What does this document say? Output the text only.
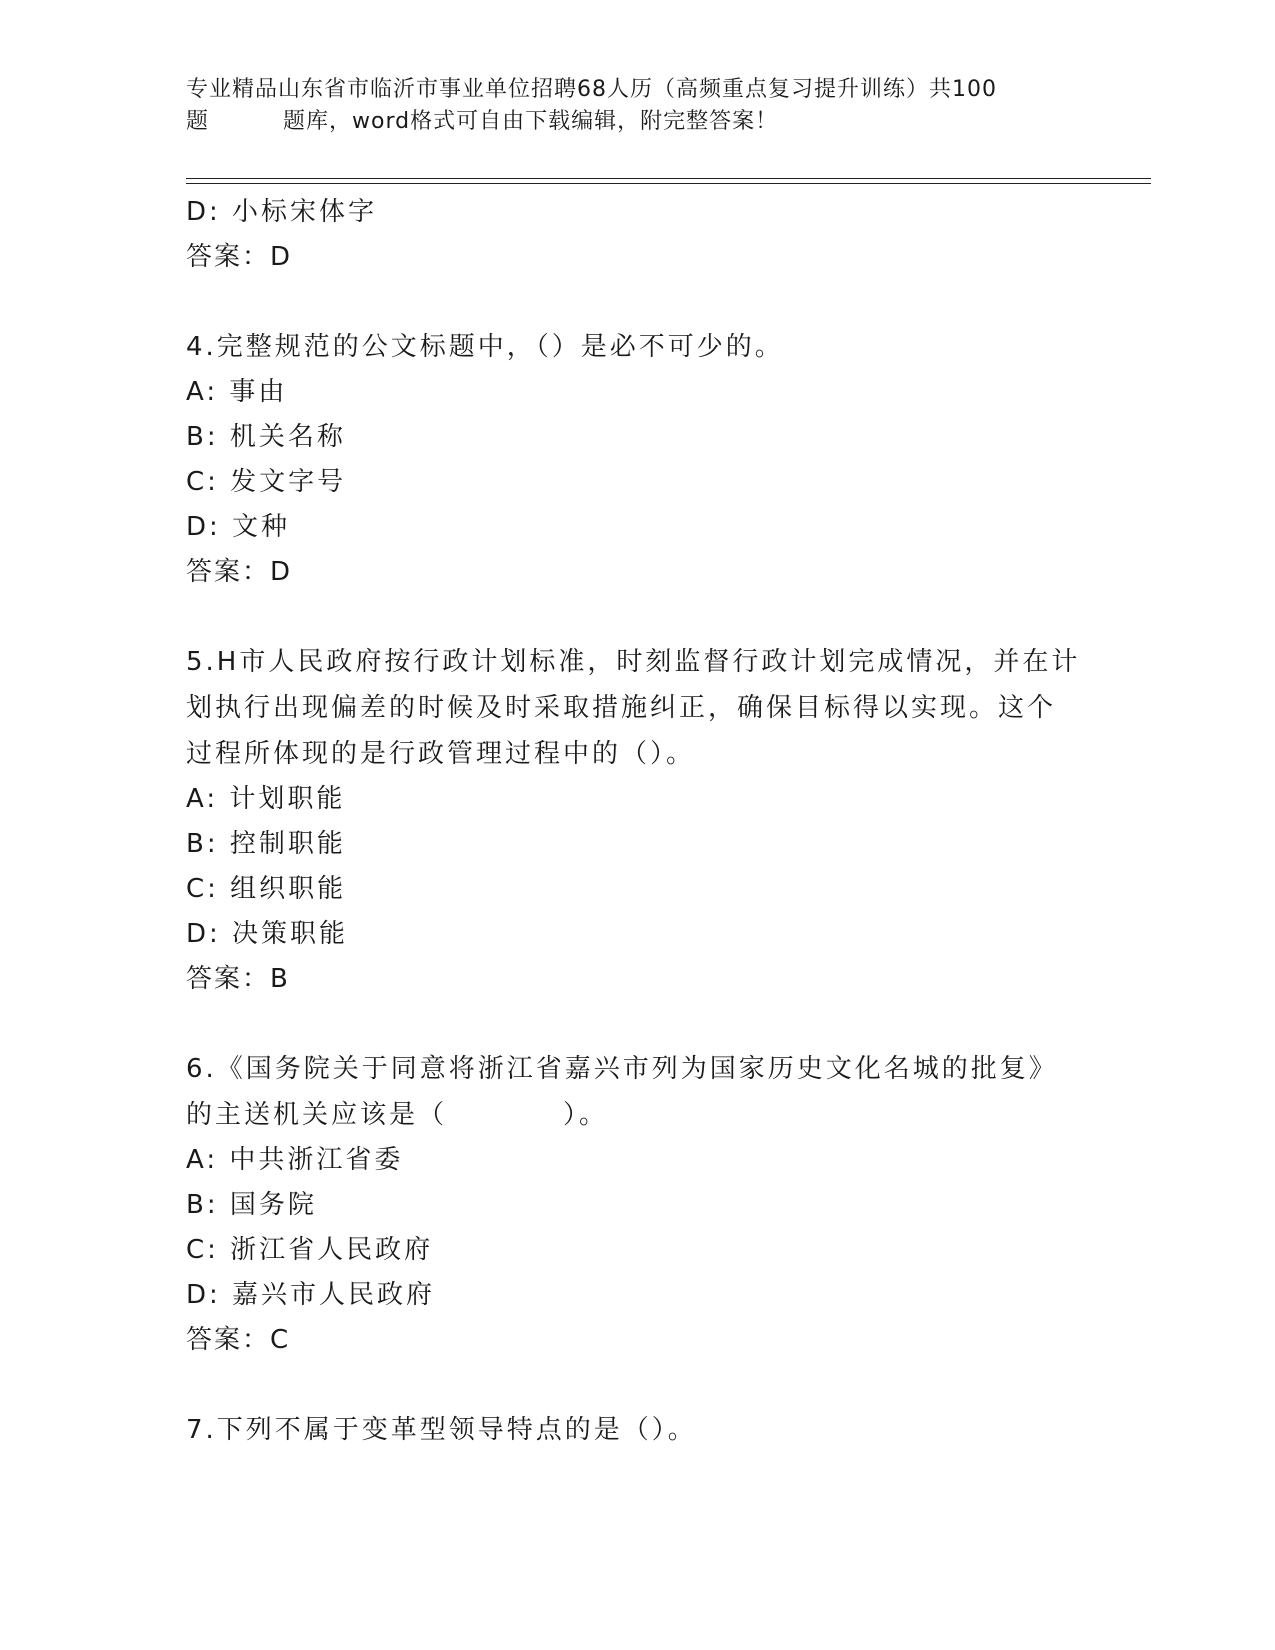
专业精品山东省市临沂市事业单位招聘68人历（高频重点复习提升训练）共100
题	题库，word格式可自由下载编辑，附完整答案！
D: 小标宋体字
答案：D
4.完整规范的公文标题中，（）是必不可少的。
A: 事由
B: 机关名称
C: 发文字号
D: 文种
答案：D
5.H市人民政府按行政计划标准，时刻监督行政计划完成情况，并在计
划执行出现偏差的时候及时采取措施纠正，确保目标得以实现。这个
过程所体现的是行政管理过程中的（）。
A: 计划职能
B: 控制职能
C: 组织职能
D: 决策职能
答案：B
6.《国务院关于同意将浙江省嘉兴市列为国家历史文化名城的批复》
的主送机关应该是（　　　　）。
A: 中共浙江省委
B: 国务院
C: 浙江省人民政府
D: 嘉兴市人民政府
答案：C
7.下列不属于变革型领导特点的是（）。
